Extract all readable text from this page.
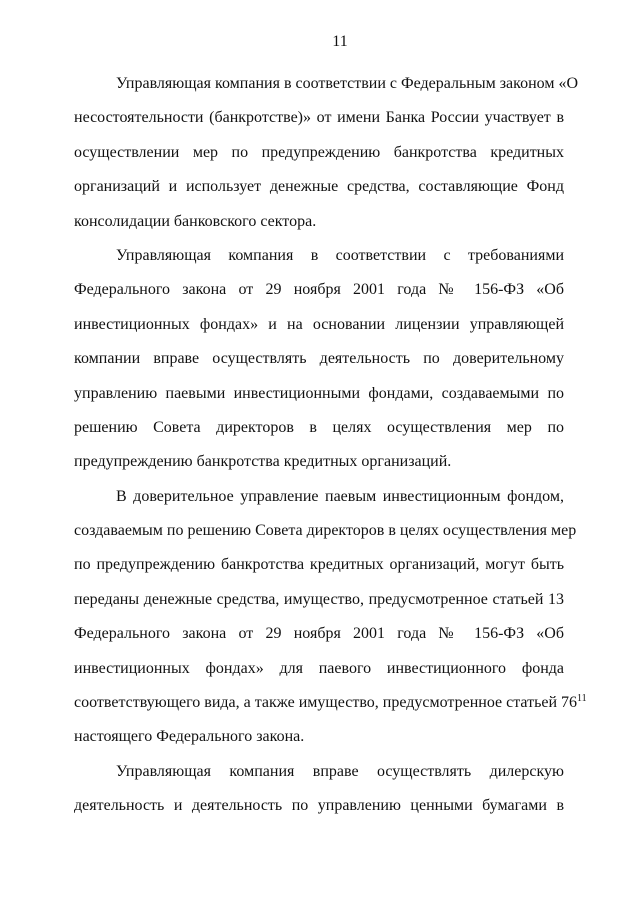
11
Управляющая компания в соответствии с Федеральным законом «О
несостоятельности (банкротстве)» от имени Банка России участвует в
осуществлении мер по предупреждению банкротства кредитных
организаций и использует денежные средства, составляющие Фонд
консолидации банковского сектора.
Управляющая компания в соответствии с требованиями
Федерального закона от 29 ноября 2001 года № 156-ФЗ «Об
инвестиционных фондах» и на основании лицензии управляющей
компании вправе осуществлять деятельность по доверительному
управлению паевыми инвестиционными фондами, создаваемыми по
решению Совета директоров в целях осуществления мер по
предупреждению банкротства кредитных организаций.
В доверительное управление паевым инвестиционным фондом,
создаваемым по решению Совета директоров в целях осуществления мер
по предупреждению банкротства кредитных организаций, могут быть
переданы денежные средства, имущество, предусмотренное статьей 13
Федерального закона от 29 ноября 2001 года № 156-ФЗ «Об
инвестиционных фондах» для паевого инвестиционного фонда
соответствующего вида, а также имущество, предусмотренное статьей $76^{11}$
настоящего Федерального закона.
Управляющая компания вправе осуществлять дилерскую
деятельность и деятельность по управлению ценными бумагами в
